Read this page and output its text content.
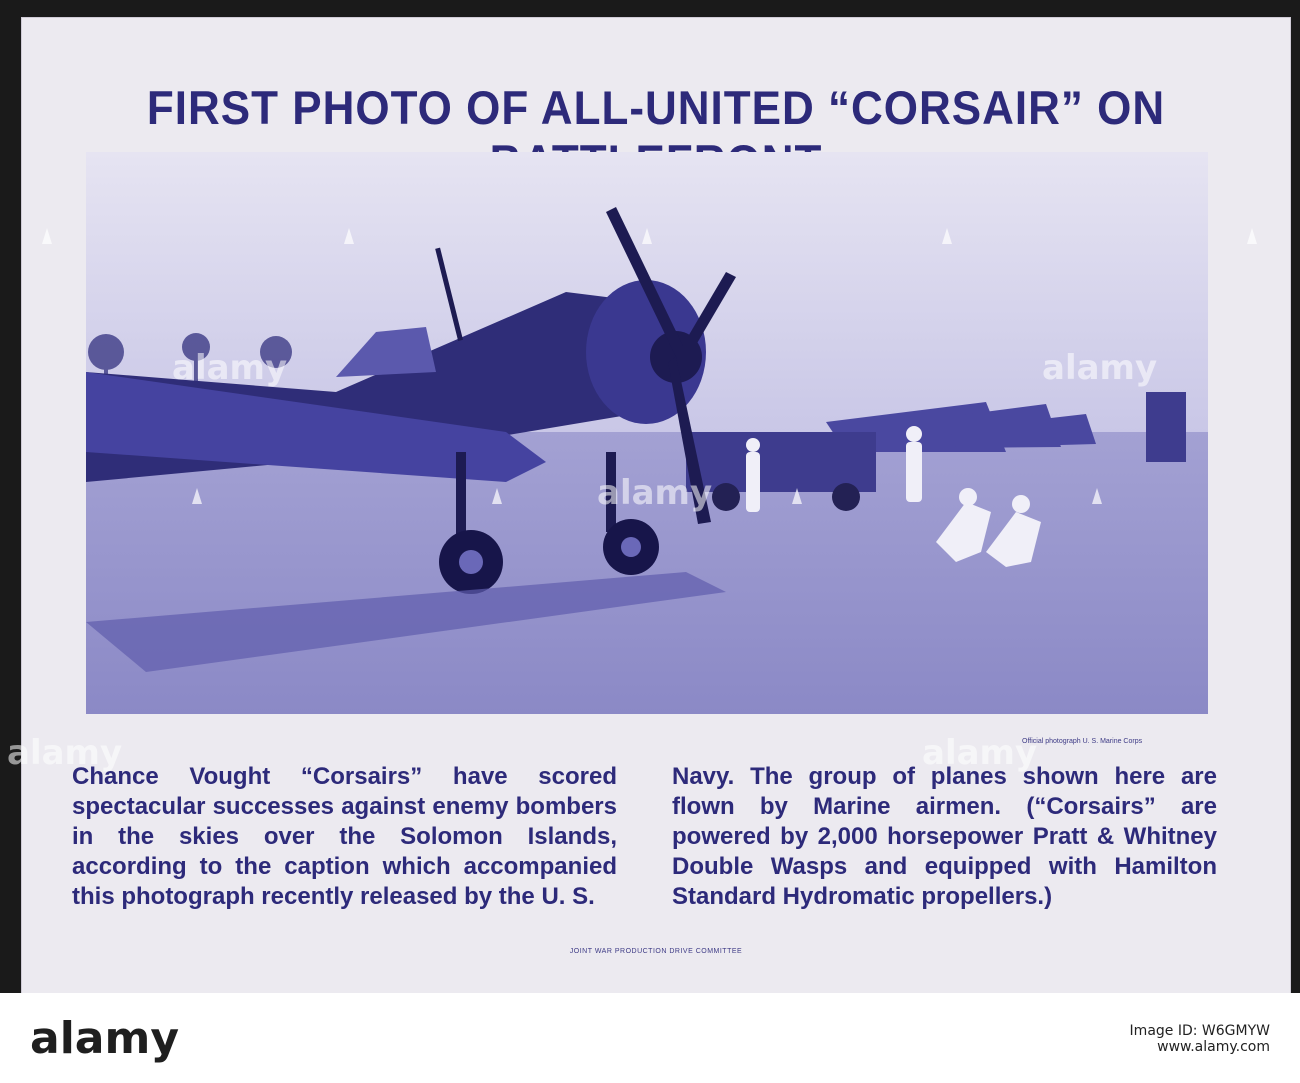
FIRST PHOTO OF ALL-UNITED “CORSAIR” ON
Official photograph U. S. Marine Corps
Chance Vought “Corsairs” have scored spectacular successes against enemy bombers in the skies over the Solomon Islands, according to the caption which accompanied this photograph recently released by the U. S.
Navy. The group of planes shown here are flown by Marine airmen. (“Corsairs” are powered by 2,000 horsepower Pratt & Whitney Double Wasps and equipped with Hamilton Standard Hydromatic propellers.)
JOINT WAR PRODUCTION DRIVE COMMITTEE
alamy	alamy
alamy
alamy	alamy
alamy	Image ID: W6GMYW
www.alamy.com
